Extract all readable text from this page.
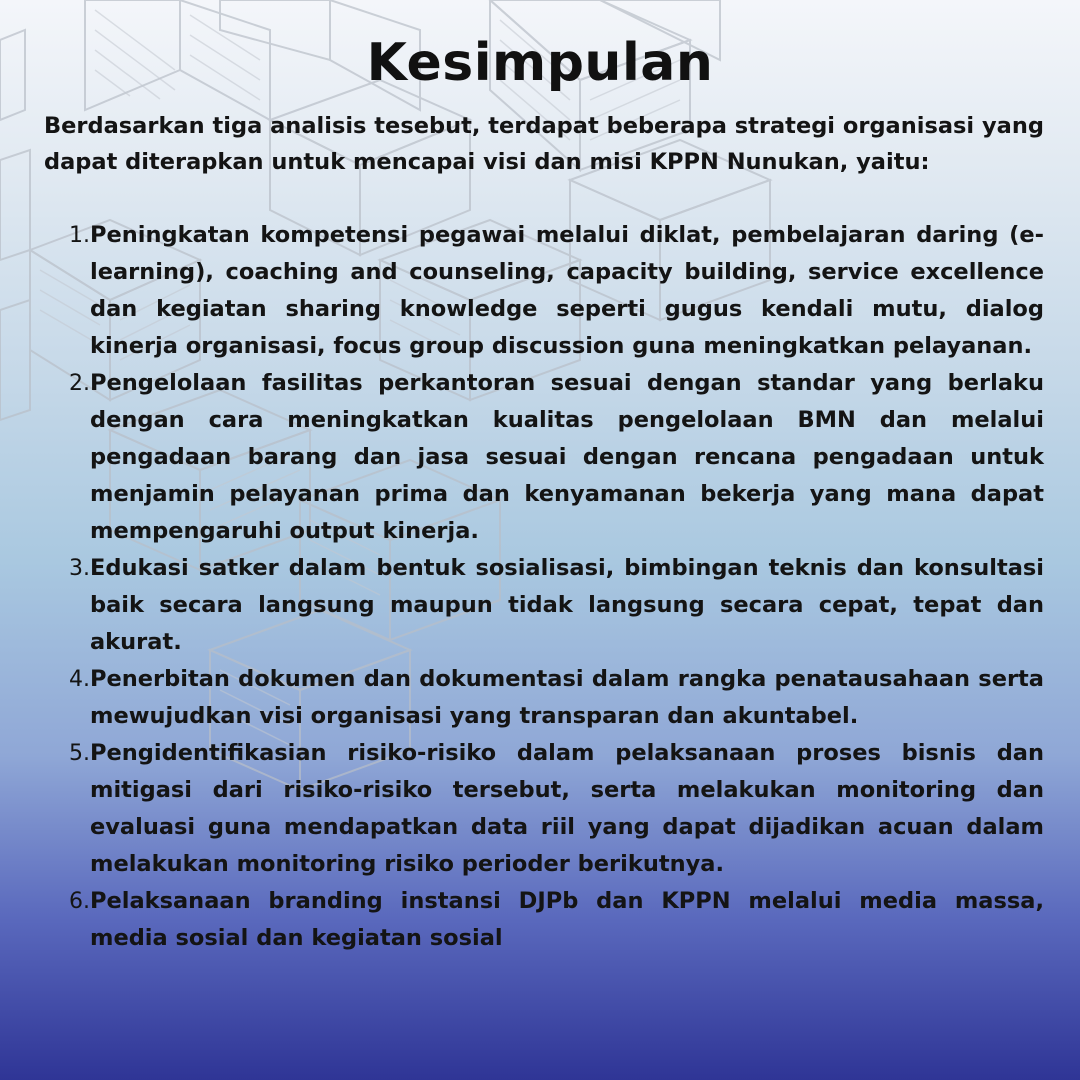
Kesimpulan

Berdasarkan tiga analisis tesebut, terdapat beberapa strategi organisasi yang dapat diterapkan untuk mencapai visi dan misi KPPN Nunukan, yaitu:

1. Peningkatan kompetensi pegawai melalui diklat, pembelajaran daring (e-learning), coaching and counseling, capacity building, service excellence dan kegiatan sharing knowledge seperti gugus kendali mutu, dialog kinerja organisasi, focus group discussion guna meningkatkan pelayanan.
2. Pengelolaan fasilitas perkantoran sesuai dengan standar yang berlaku dengan cara meningkatkan kualitas pengelolaan BMN dan melalui pengadaan barang dan jasa sesuai dengan rencana pengadaan untuk menjamin pelayanan prima dan kenyamanan bekerja yang mana dapat mempengaruhi output kinerja.
3. Edukasi satker dalam bentuk sosialisasi, bimbingan teknis dan konsultasi baik secara langsung maupun tidak langsung secara cepat, tepat dan akurat.
4. Penerbitan dokumen dan dokumentasi dalam rangka penatausahaan serta mewujudkan visi organisasi yang transparan dan akuntabel.
5. Pengidentifikasian risiko-risiko dalam pelaksanaan proses bisnis dan mitigasi dari risiko-risiko tersebut, serta melakukan monitoring dan evaluasi guna mendapatkan data riil yang dapat dijadikan acuan dalam melakukan monitoring risiko perioder berikutnya.
6. Pelaksanaan branding instansi DJPb dan KPPN melalui media massa, media sosial dan kegiatan sosial
